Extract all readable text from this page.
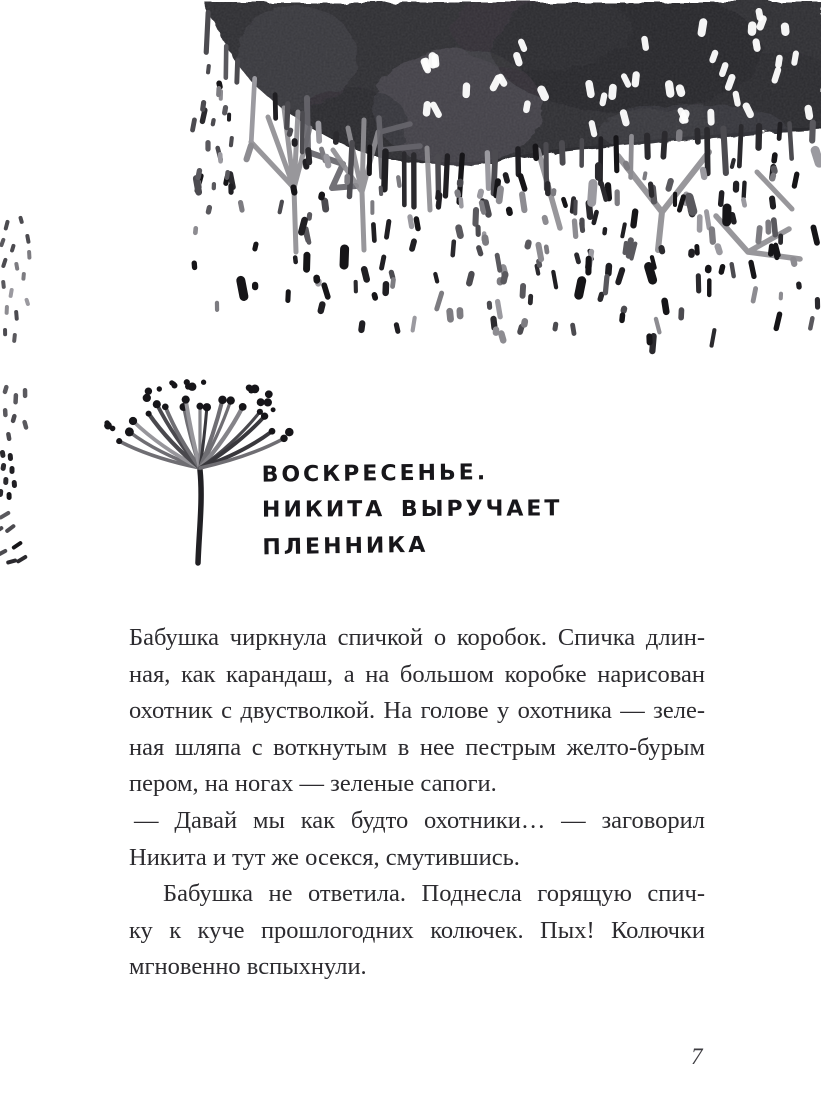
ВОСКРЕСЕНЬЕ.
НИКИТА ВЫРУЧАЕТ
ПЛЕННИКА
Бабушка чиркнула спичкой о коробок. Спичка длин-
ная, как карандаш, а на большом коробке нарисован
охотник с двустволкой. На голове у охотника — зеле-
ная шляпа с воткнутым в нее пестрым желто-бурым
пером, на ногах — зеленые сапоги.
— Давай мы как будто охотники… — заговорил
Никита и тут же осекся, смутившись.
Бабушка не ответила. Поднесла горящую спич-
ку к куче прошлогодних колючек. Пых! Колючки
мгновенно вспыхнули.
7
